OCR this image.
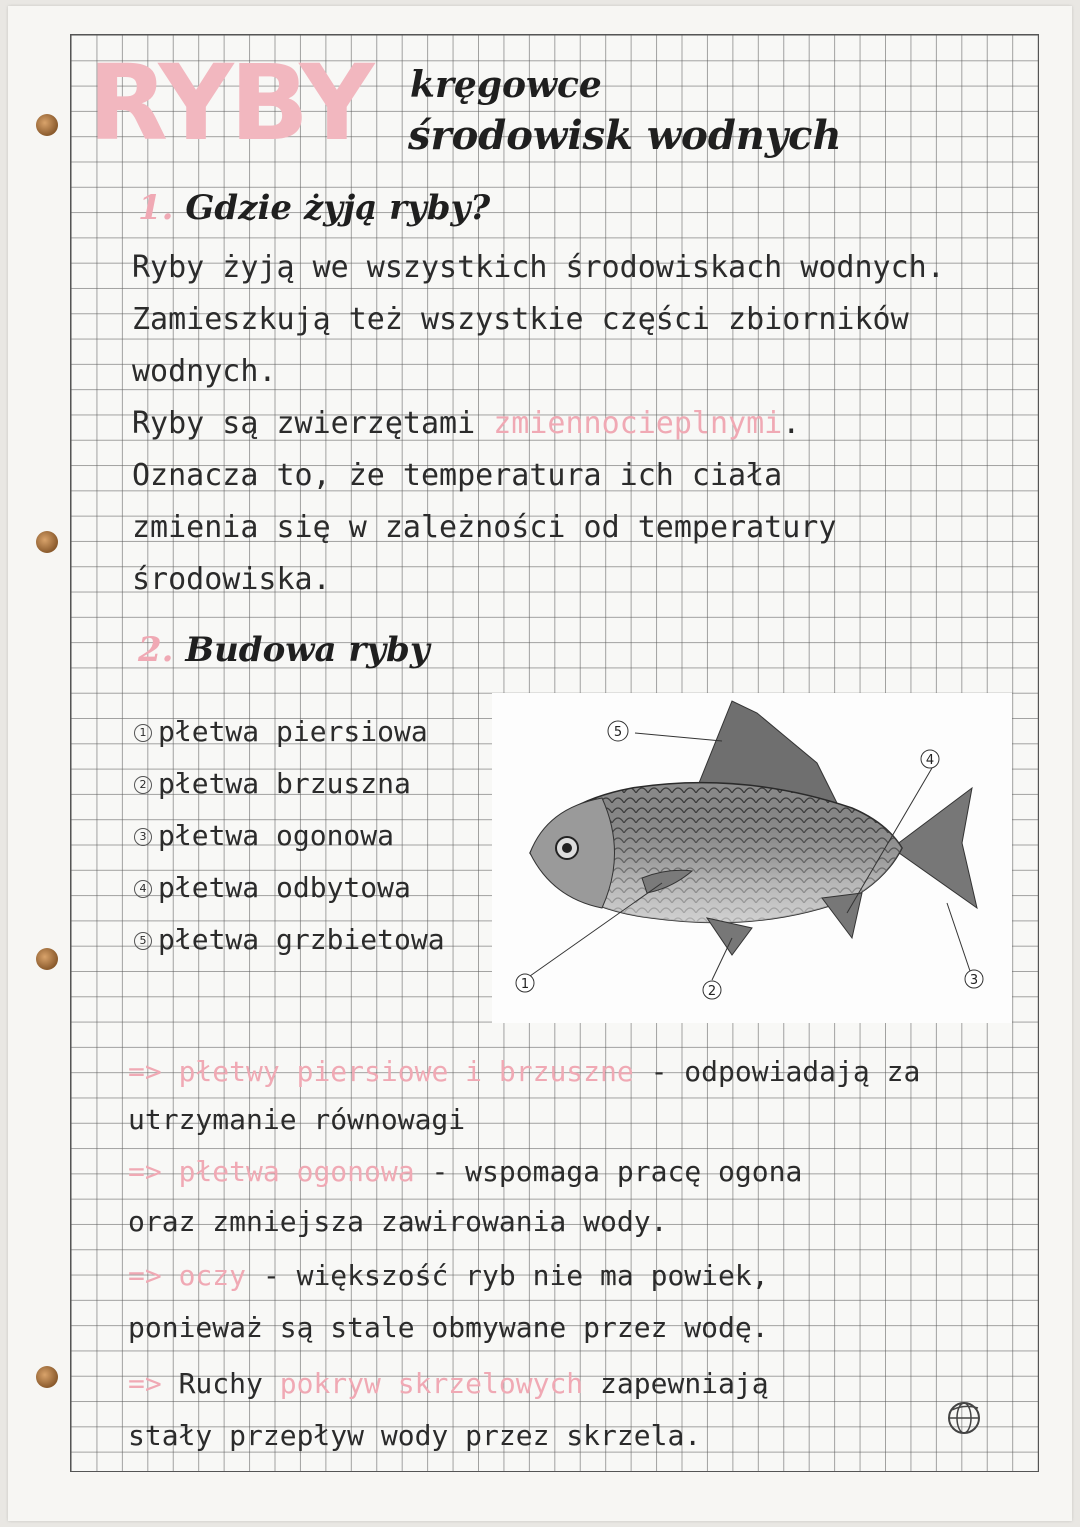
RYBY kręgowce
środowisk wodnych
1. Gdzie żyją ryby?
Ryby żyją we wszystkich środowiskach wodnych.
Zamieszkują też wszystkie części zbiorników
wodnych.
Ryby są zwierzętami zmiennocieplnymi.
Oznacza to, że temperatura ich ciała
zmienia się w zależności od temperatury
środowiska.
2. Budowa ryby
1 płetwa piersiowa
2 płetwa brzuszna
3 płetwa ogonowa
4 płetwa odbytowa
5 płetwa grzbietowa
1	2
3
4
5
=> płetwy piersiowe i brzuszne - odpowiadają za
utrzymanie równowagi
=> płetwa ogonowa - wspomaga pracę ogona
oraz zmniejsza zawirowania wody.
=> oczy - większość ryb nie ma powiek,
ponieważ są stale obmywane przez wodę.
=> Ruchy pokryw skrzelowych zapewniają
stały przepływ wody przez skrzela.
